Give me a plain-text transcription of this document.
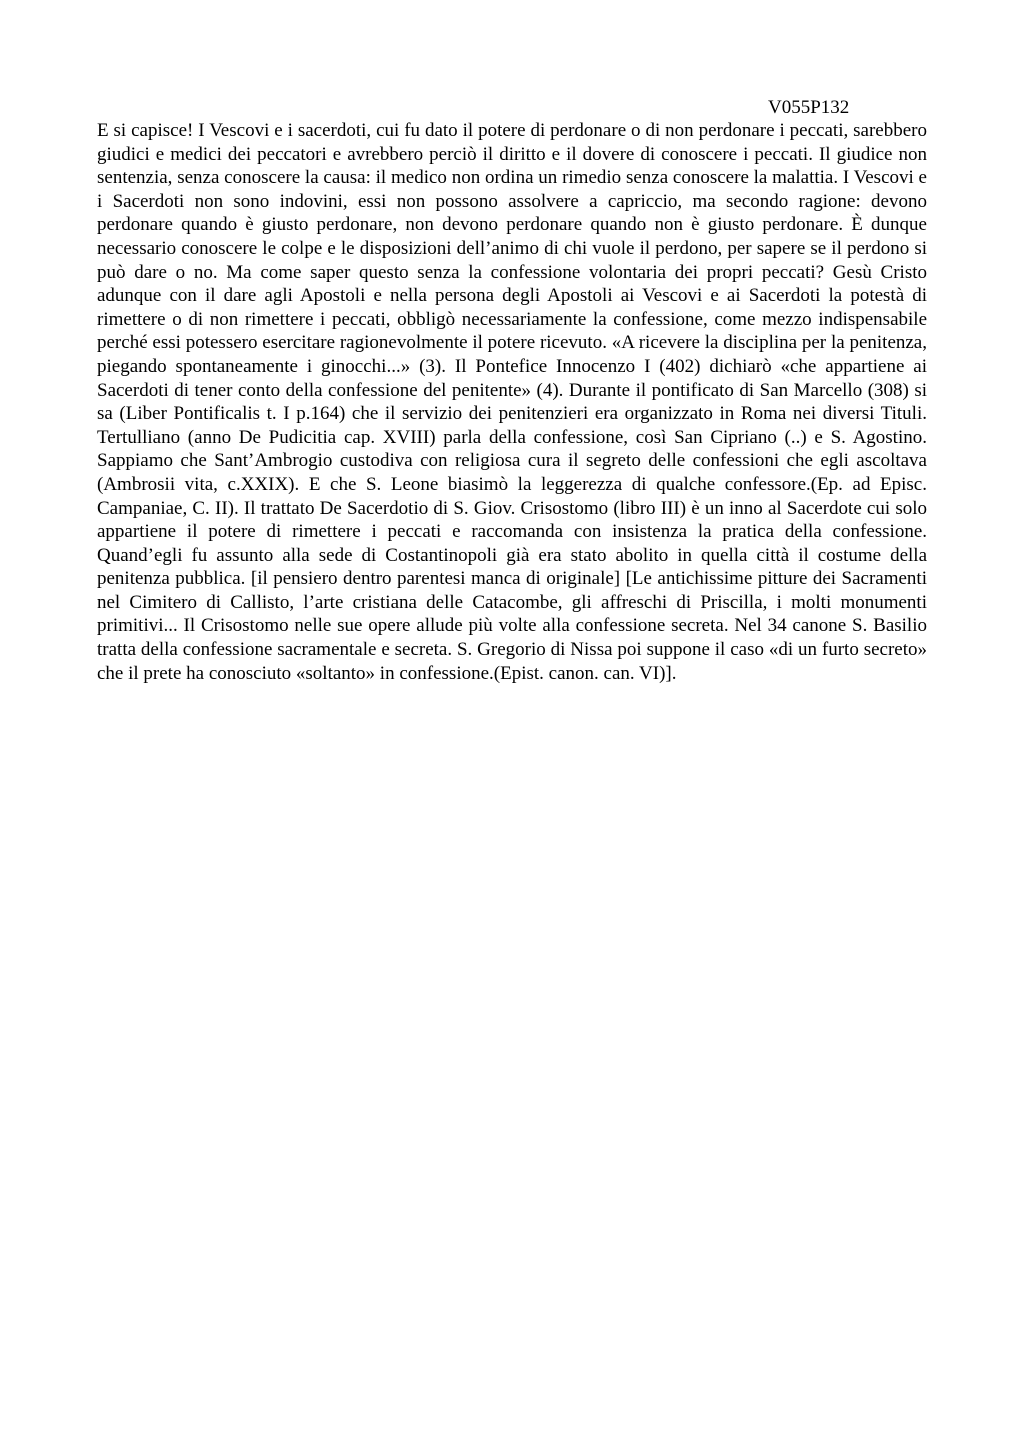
V055P132

E si capisce! I Vescovi e i sacerdoti, cui fu dato il potere di perdonare o di non perdonare i peccati, sarebbero giudici e medici dei peccatori e avrebbero perciò il diritto e il dovere di conoscere i peccati. Il giudice non sentenzia, senza conoscere la causa: il medico non ordina un rimedio senza conoscere la malattia. I Vescovi e i Sacerdoti non sono indovini, essi non possono assolvere a capriccio, ma secondo ragione: devono perdonare quando è giusto perdonare, non devono perdonare quando non è giusto perdonare. È dunque necessario conoscere le colpe e le disposizioni dell’animo di chi vuole il perdono, per sapere se il perdono si può dare o no. Ma come saper questo senza la confessione volontaria dei propri peccati? Gesù Cristo adunque con il dare agli Apostoli e nella persona degli Apostoli ai Vescovi e ai Sacerdoti la potestà di rimettere o di non rimettere i peccati, obbligò necessariamente la confessione, come mezzo indispensabile perché essi potessero esercitare ragionevolmente il potere ricevuto. «A ricevere la disciplina per la penitenza, piegando spontaneamente i ginocchi...» (3). Il Pontefice Innocenzo I (402) dichiarò «che appartiene ai Sacerdoti di tener conto della confessione del penitente» (4). Durante il pontificato di San Marcello (308) si sa (Liber Pontificalis t. I p.164) che il servizio dei penitenzieri era organizzato in Roma nei diversi Tituli. Tertulliano (anno De Pudicitia cap. XVIII) parla della confessione, così San Cipriano (..) e S. Agostino. Sappiamo che Sant’Ambrogio custodiva con religiosa cura il segreto delle confessioni che egli ascoltava (Ambrosii vita, c.XXIX). E che S. Leone biasimò la leggerezza di qualche confessore.(Ep. ad Episc. Campaniae, C. II). Il trattato De Sacerdotio di S. Giov. Crisostomo (libro III) è un inno al Sacerdote cui solo appartiene il potere di rimettere i peccati e raccomanda con insistenza la pratica della confessione. Quand’egli fu assunto alla sede di Costantinopoli già era stato abolito in quella città il costume della penitenza pubblica. [il pensiero dentro parentesi manca di originale] [Le antichissime pitture dei Sacramenti nel Cimitero di Callisto, l’arte cristiana delle Catacombe, gli affreschi di Priscilla, i molti monumenti primitivi... Il Crisostomo nelle sue opere allude più volte alla confessione secreta. Nel 34 canone S. Basilio tratta della confessione sacramentale e secreta. S. Gregorio di Nissa poi suppone il caso «di un furto secreto» che il prete ha conosciuto «soltanto» in confessione.(Epist. canon. can. VI)].
